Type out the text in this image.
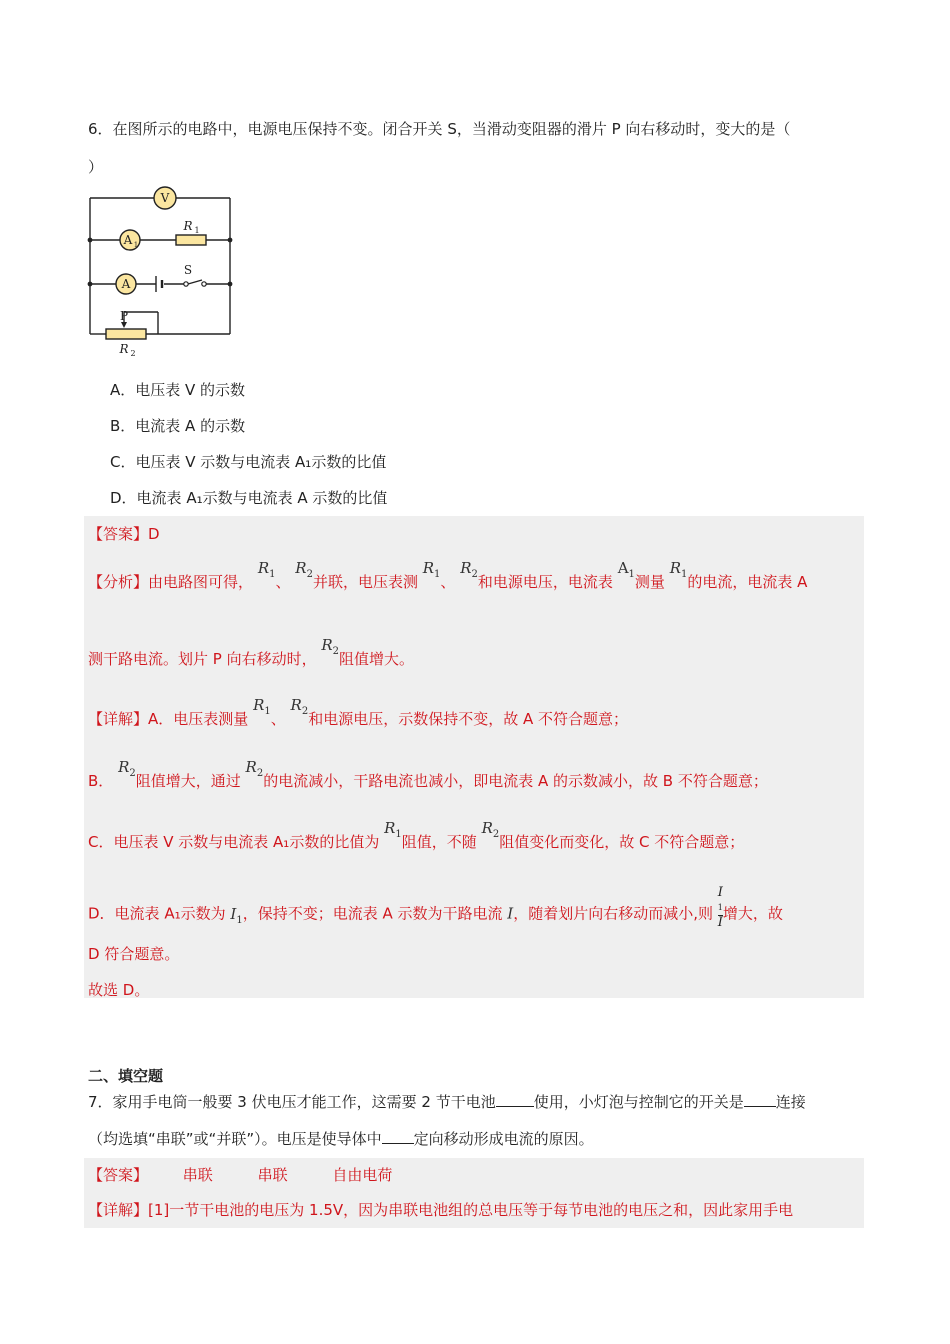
6．在图所示的电路中，电源电压保持不变。闭合开关 S，当滑动变阻器的滑片 P 向右移动时，变大的是（
）
V
A 1
A
R 1
S
P
R 2
A．电压表 V 的示数
B．电流表 A 的示数
C．电压表 V 示数与电流表 A₁示数的比值
D．电流表 A₁示数与电流表 A 示数的比值
【答案】D
【分析】由电路图可得， $R_1$、 $R_2$并联，电压表测 $R_1$、 $R_2$和电源电压，电流表 $A_1$测量 $R_1$的电流，电流表 A
测干路电流。划片 P 向右移动时， $R_2$阻值增大。
【详解】A．电压表测量 $R_1$、 $R_2$和电源电压，示数保持不变，故 A 不符合题意；
B． $R_2$阻值增大，通过 $R_2$的电流减小，干路电流也减小，即电流表 A 的示数减小，故 B 不符合题意；
C．电压表 V 示数与电流表 A₁示数的比值为 $R_1$阻值，不随 $R_2$阻值变化而变化，故 C 不符合题意；
D．电流表 A₁示数为 $I_1$，保持不变；电流表 A 示数为干路电流 I，随着划片向右移动而减小,则 I
1
I 增大，故
D 符合题意。
故选 D。
二、填空题
7．家用手电筒一般要 3 伏电压才能工作，这需要 2 节干电池	使用，小灯泡与控制它的开关是 连接
（均选填“串联”或“并联”）。电压是使导体中 定向移动形成电流的原因。
【答案】 串联	串联	自由电荷
【详解】[1]一节干电池的电压为 1.5V，因为串联电池组的总电压等于每节电池的电压之和，因此家用手电
